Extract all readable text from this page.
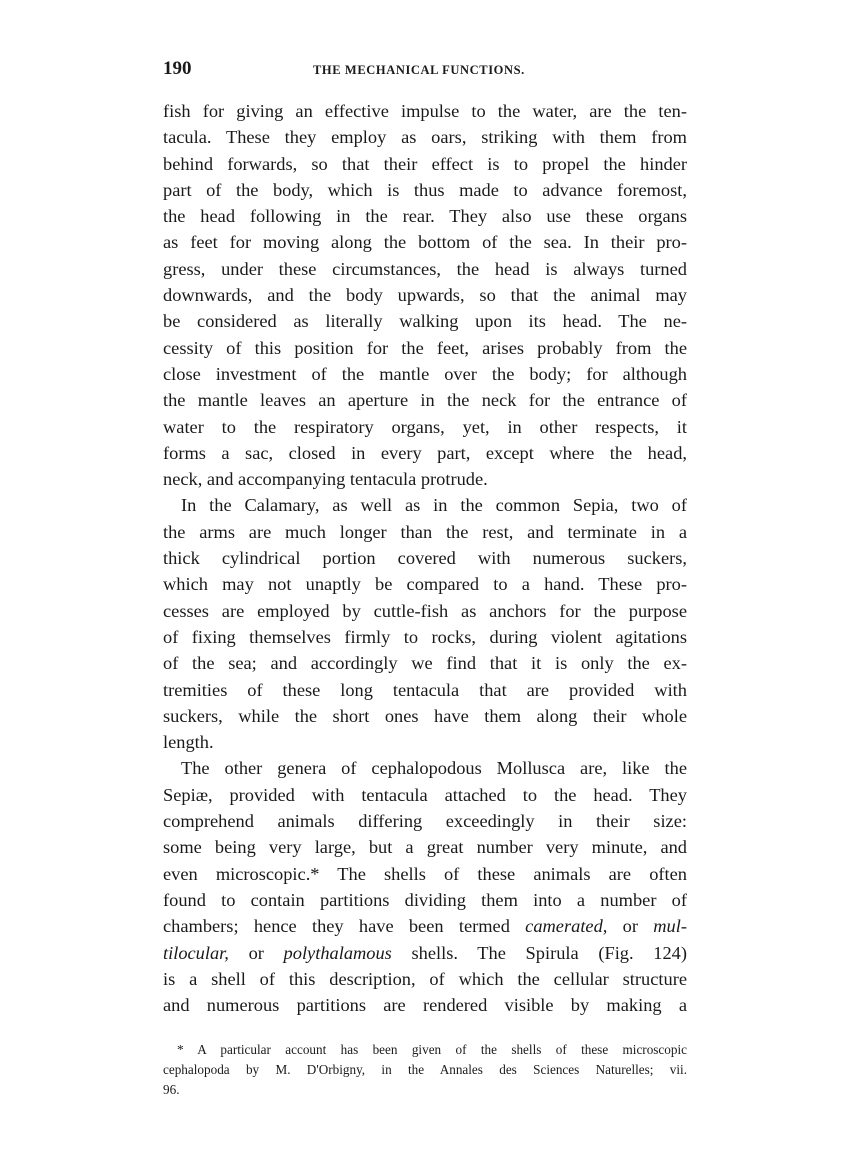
190	THE MECHANICAL FUNCTIONS.

fish for giving an effective impulse to the water, are the ten-
tacula. These they employ as oars, striking with them from
behind forwards, so that their effect is to propel the hinder
part of the body, which is thus made to advance foremost,
the head following in the rear. They also use these organs
as feet for moving along the bottom of the sea. In their pro-
gress, under these circumstances, the head is always turned
downwards, and the body upwards, so that the animal may
be considered as literally walking upon its head. The ne-
cessity of this position for the feet, arises probably from the
close investment of the mantle over the body; for although
the mantle leaves an aperture in the neck for the entrance of
water to the respiratory organs, yet, in other respects, it
forms a sac, closed in every part, except where the head,
neck, and accompanying tentacula protrude.

In the Calamary, as well as in the common Sepia, two of
the arms are much longer than the rest, and terminate in a
thick cylindrical portion covered with numerous suckers,
which may not unaptly be compared to a hand. These pro-
cesses are employed by cuttle-fish as anchors for the purpose
of fixing themselves firmly to rocks, during violent agitations
of the sea; and accordingly we find that it is only the ex-
tremities of these long tentacula that are provided with
suckers, while the short ones have them along their whole
length.

The other genera of cephalopodous Mollusca are, like the
Sepiæ, provided with tentacula attached to the head. They
comprehend animals differing exceedingly in their size:
some being very large, but a great number very minute, and
even microscopic.* The shells of these animals are often
found to contain partitions dividing them into a number of
chambers; hence they have been termed camerated, or mul-
tilocular, or polythalamous shells. The Spirula (Fig. 124)
is a shell of this description, of which the cellular structure
and numerous partitions are rendered visible by making a

* A particular account has been given of the shells of these microscopic
cephalopoda by M. D'Orbigny, in the Annales des Sciences Naturelles; vii.
96.
